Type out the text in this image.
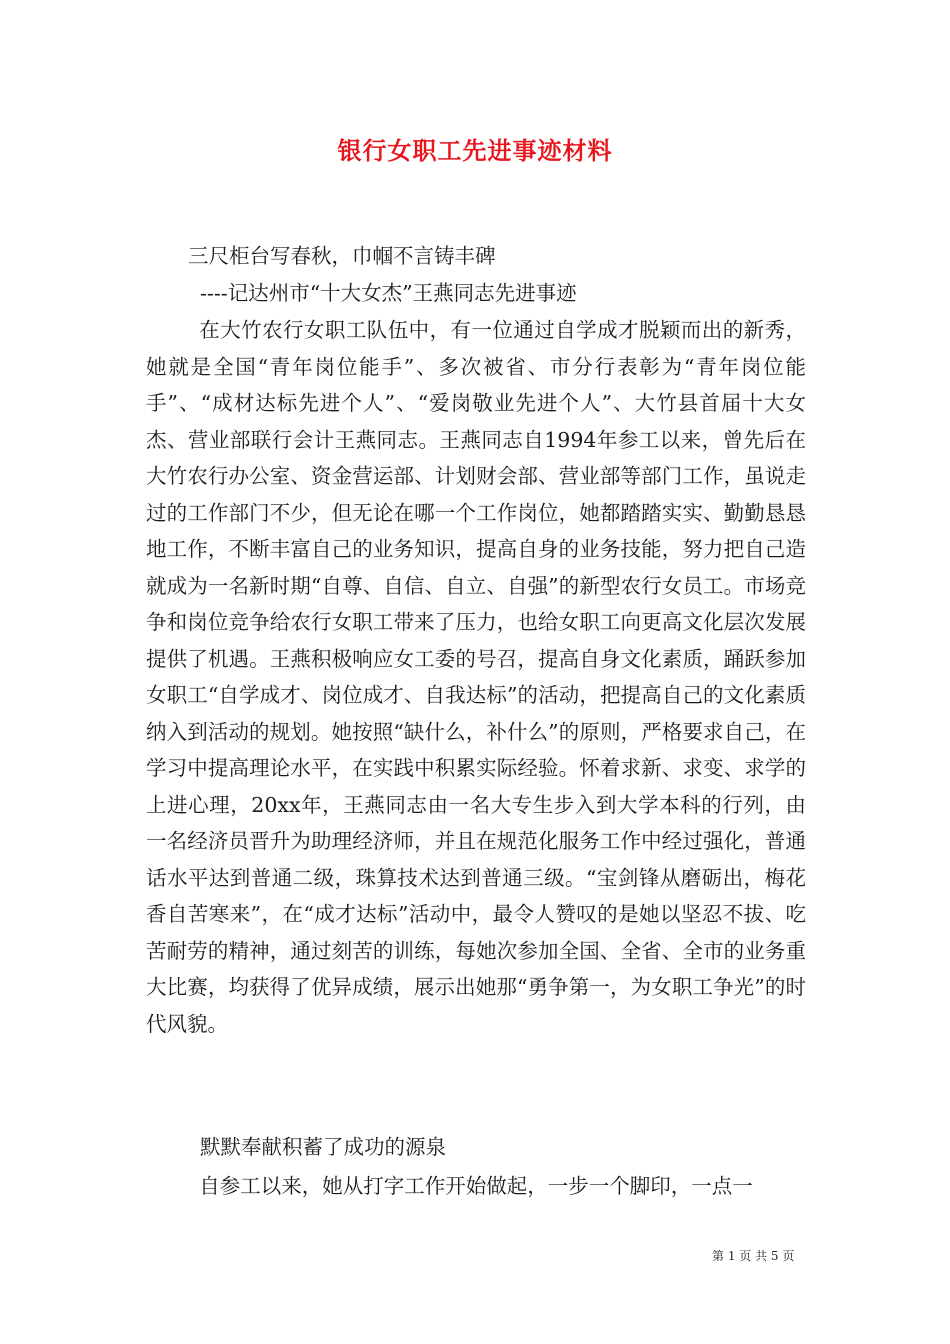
银行女职工先进事迹材料

三尺柜台写春秋，巾帼不言铸丰碑

----记达州市“十大女杰”王燕同志先进事迹

在大竹农行女职工队伍中，有一位通过自学成才脱颖而出的新秀，她就是全国“青年岗位能手”、多次被省、市分行表彰为“青年岗位能手”、“成材达标先进个人”、“爱岗敬业先进个人”、大竹县首届十大女杰、营业部联行会计王燕同志。王燕同志自1994年参工以来，曾先后在大竹农行办公室、资金营运部、计划财会部、营业部等部门工作，虽说走过的工作部门不少，但无论在哪一个工作岗位，她都踏踏实实、勤勤恳恳地工作，不断丰富自己的业务知识，提高自身的业务技能，努力把自己造就成为一名新时期“自尊、自信、自立、自强”的新型农行女员工。市场竞争和岗位竞争给农行女职工带来了压力，也给女职工向更高文化层次发展提供了机遇。王燕积极响应女工委的号召，提高自身文化素质，踊跃参加女职工“自学成才、岗位成才、自我达标”的活动，把提高自己的文化素质纳入到活动的规划。她按照“缺什么，补什么”的原则，严格要求自己，在学习中提高理论水平，在实践中积累实际经验。怀着求新、求变、求学的上进心理，20xx年，王燕同志由一名大专生步入到大学本科的行列，由一名经济员晋升为助理经济师，并且在规范化服务工作中经过强化，普通话水平达到普通二级，珠算技术达到普通三级。“宝剑锋从磨砺出，梅花香自苦寒来”，在“成才达标”活动中，最令人赞叹的是她以坚忍不拔、吃苦耐劳的精神，通过刻苦的训练，每她次参加全国、全省、全市的业务重大比赛，均获得了优异成绩，展示出她那“勇争第一，为女职工争光”的时代风貌。

默默奉献积蓄了成功的源泉

自参工以来，她从打字工作开始做起，一步一个脚印，一点一

第 1 页 共 5 页
